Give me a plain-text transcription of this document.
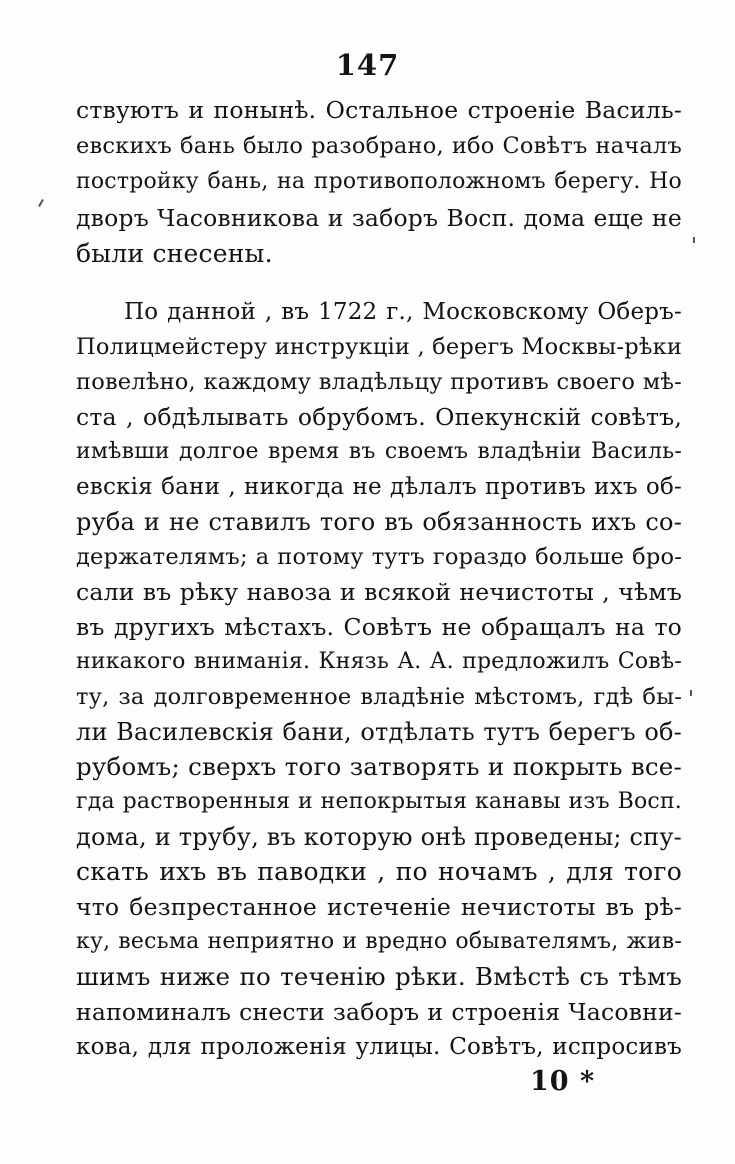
147
ствуютъ и понынѣ. Остальное строеніе Василь-
евскихъ бань было разобрано, ибо Совѣтъ началъ
постройку бань, на противоположномъ берегу. Но
дворъ Часовникова и заборъ Восп. дома еще не
были снесены.
По данной , въ 1722 г., Московскому Оберъ-
Полицмейстеру инструкціи , берегъ Москвы-рѣки
повелѣно, каждому владѣльцу противъ своего мѣ-
ста , обдѣлывать обрубомъ. Опекунскій совѣтъ,
имѣвши долгое время въ своемъ владѣніи Василь-
евскія бани , никогда не дѣлалъ противъ ихъ об-
руба и не ставилъ того въ обязанность ихъ со-
держателямъ; а потому тутъ гораздо больше бро-
сали въ рѣку навоза и всякой нечистоты , чѣмъ
въ другихъ мѣстахъ. Совѣтъ не обращалъ на то
никакого вниманія. Князь А. А. предложилъ Совѣ-
ту, за долговременное владѣніе мѣстомъ, гдѣ бы-
ли Василевскія бани, отдѣлать тутъ берегъ об-
рубомъ; сверхъ того затворять и покрыть все-
гда растворенныя и непокрытыя канавы изъ Восп.
дома, и трубу, въ которую онѣ проведены; спу-
скать ихъ въ паводки , по ночамъ , для того
что безпрестанное истеченіе нечистоты въ рѣ-
ку, весьма неприятно и вредно обывателямъ, жив-
шимъ ниже по теченію рѣки. Вмѣстѣ съ тѣмъ
напоминалъ снести заборъ и строенія Часовни-
кова, для проложенія улицы. Совѣтъ, испросивъ
10 *
